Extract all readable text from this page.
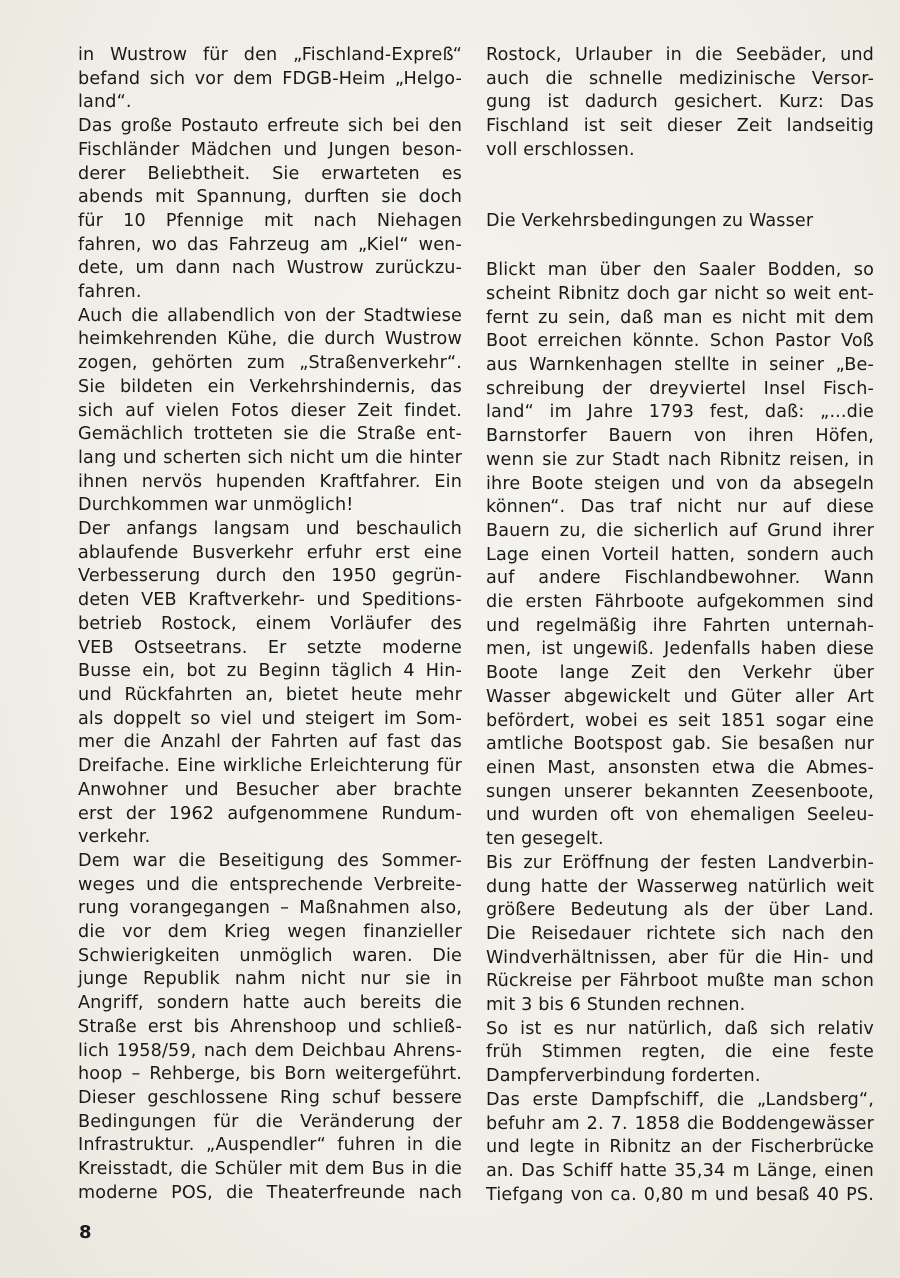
in Wustrow für den „Fischland-Expreß“
befand sich vor dem FDGB-Heim „Helgo-
land“.
Das große Postauto erfreute sich bei den
Fischländer Mädchen und Jungen beson-
derer Beliebtheit. Sie erwarteten es
abends mit Spannung, durften sie doch
für 10 Pfennige mit nach Niehagen
fahren, wo das Fahrzeug am „Kiel“ wen-
dete, um dann nach Wustrow zurückzu-
fahren.
Auch die allabendlich von der Stadtwiese
heimkehrenden Kühe, die durch Wustrow
zogen, gehörten zum „Straßenverkehr“.
Sie bildeten ein Verkehrshindernis, das
sich auf vielen Fotos dieser Zeit findet.
Gemächlich trotteten sie die Straße ent-
lang und scherten sich nicht um die hinter
ihnen nervös hupenden Kraftfahrer. Ein
Durchkommen war unmöglich!
Der anfangs langsam und beschaulich
ablaufende Busverkehr erfuhr erst eine
Verbesserung durch den 1950 gegrün-
deten VEB Kraftverkehr- und Speditions-
betrieb Rostock, einem Vorläufer des
VEB Ostseetrans. Er setzte moderne
Busse ein, bot zu Beginn täglich 4 Hin-
und Rückfahrten an, bietet heute mehr
als doppelt so viel und steigert im Som-
mer die Anzahl der Fahrten auf fast das
Dreifache. Eine wirkliche Erleichterung für
Anwohner und Besucher aber brachte
erst der 1962 aufgenommene Rundum-
verkehr.
Dem war die Beseitigung des Sommer-
weges und die entsprechende Verbreite-
rung vorangegangen – Maßnahmen also,
die vor dem Krieg wegen finanzieller
Schwierigkeiten unmöglich waren. Die
junge Republik nahm nicht nur sie in
Angriff, sondern hatte auch bereits die
Straße erst bis Ahrenshoop und schließ-
lich 1958/59, nach dem Deichbau Ahrens-
hoop – Rehberge, bis Born weitergeführt.
Dieser geschlossene Ring schuf bessere
Bedingungen für die Veränderung der
Infrastruktur. „Auspendler“ fuhren in die
Kreisstadt, die Schüler mit dem Bus in die
moderne POS, die Theaterfreunde nach
Rostock, Urlauber in die Seebäder, und
auch die schnelle medizinische Versor-
gung ist dadurch gesichert. Kurz: Das
Fischland ist seit dieser Zeit landseitig
voll erschlossen.
Die Verkehrsbedingungen zu Wasser
Blickt man über den Saaler Bodden, so
scheint Ribnitz doch gar nicht so weit ent-
fernt zu sein, daß man es nicht mit dem
Boot erreichen könnte. Schon Pastor Voß
aus Warnkenhagen stellte in seiner „Be-
schreibung der dreyviertel Insel Fisch-
land“ im Jahre 1793 fest, daß: „...die
Barnstorfer Bauern von ihren Höfen,
wenn sie zur Stadt nach Ribnitz reisen, in
ihre Boote steigen und von da absegeln
können“. Das traf nicht nur auf diese
Bauern zu, die sicherlich auf Grund ihrer
Lage einen Vorteil hatten, sondern auch
auf andere Fischlandbewohner. Wann
die ersten Fährboote aufgekommen sind
und regelmäßig ihre Fahrten unternah-
men, ist ungewiß. Jedenfalls haben diese
Boote lange Zeit den Verkehr über
Wasser abgewickelt und Güter aller Art
befördert, wobei es seit 1851 sogar eine
amtliche Bootspost gab. Sie besaßen nur
einen Mast, ansonsten etwa die Abmes-
sungen unserer bekannten Zeesenboote,
und wurden oft von ehemaligen Seeleu-
ten gesegelt.
Bis zur Eröffnung der festen Landverbin-
dung hatte der Wasserweg natürlich weit
größere Bedeutung als der über Land.
Die Reisedauer richtete sich nach den
Windverhältnissen, aber für die Hin- und
Rückreise per Fährboot mußte man schon
mit 3 bis 6 Stunden rechnen.
So ist es nur natürlich, daß sich relativ
früh Stimmen regten, die eine feste
Dampferverbindung forderten.
Das erste Dampfschiff, die „Landsberg“,
befuhr am 2. 7. 1858 die Boddengewässer
und legte in Ribnitz an der Fischerbrücke
an. Das Schiff hatte 35,34 m Länge, einen
Tiefgang von ca. 0,80 m und besaß 40 PS.
8
